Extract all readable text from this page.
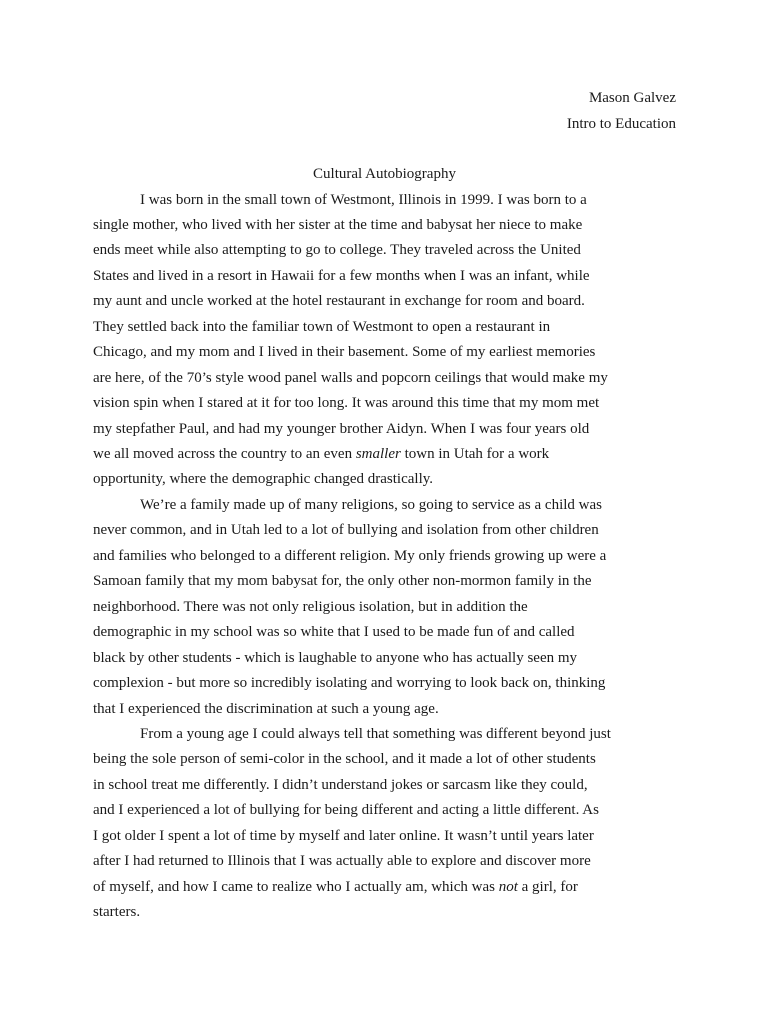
Mason Galvez
Intro to Education
Cultural Autobiography
I was born in the small town of Westmont, Illinois in 1999. I was born to a
single mother, who lived with her sister at the time and babysat her niece to make
ends meet while also attempting to go to college. They traveled across the United
States and lived in a resort in Hawaii for a few months when I was an infant, while
my aunt and uncle worked at the hotel restaurant in exchange for room and board.
They settled back into the familiar town of Westmont to open a restaurant in
Chicago, and my mom and I lived in their basement. Some of my earliest memories
are here, of the 70’s style wood panel walls and popcorn ceilings that would make my
vision spin when I stared at it for too long. It was around this time that my mom met
my stepfather Paul, and had my younger brother Aidyn. When I was four years old
we all moved across the country to an even smaller town in Utah for a work
opportunity, where the demographic changed drastically.
We’re a family made up of many religions, so going to service as a child was
never common, and in Utah led to a lot of bullying and isolation from other children
and families who belonged to a different religion. My only friends growing up were a
Samoan family that my mom babysat for, the only other non-mormon family in the
neighborhood. There was not only religious isolation, but in addition the
demographic in my school was so white that I used to be made fun of and called
black by other students - which is laughable to anyone who has actually seen my
complexion - but more so incredibly isolating and worrying to look back on, thinking
that I experienced the discrimination at such a young age.
From a young age I could always tell that something was different beyond just
being the sole person of semi-color in the school, and it made a lot of other students
in school treat me differently. I didn’t understand jokes or sarcasm like they could,
and I experienced a lot of bullying for being different and acting a little different. As
I got older I spent a lot of time by myself and later online. It wasn’t until years later
after I had returned to Illinois that I was actually able to explore and discover more
of myself, and how I came to realize who I actually am, which was not a girl, for
starters.
